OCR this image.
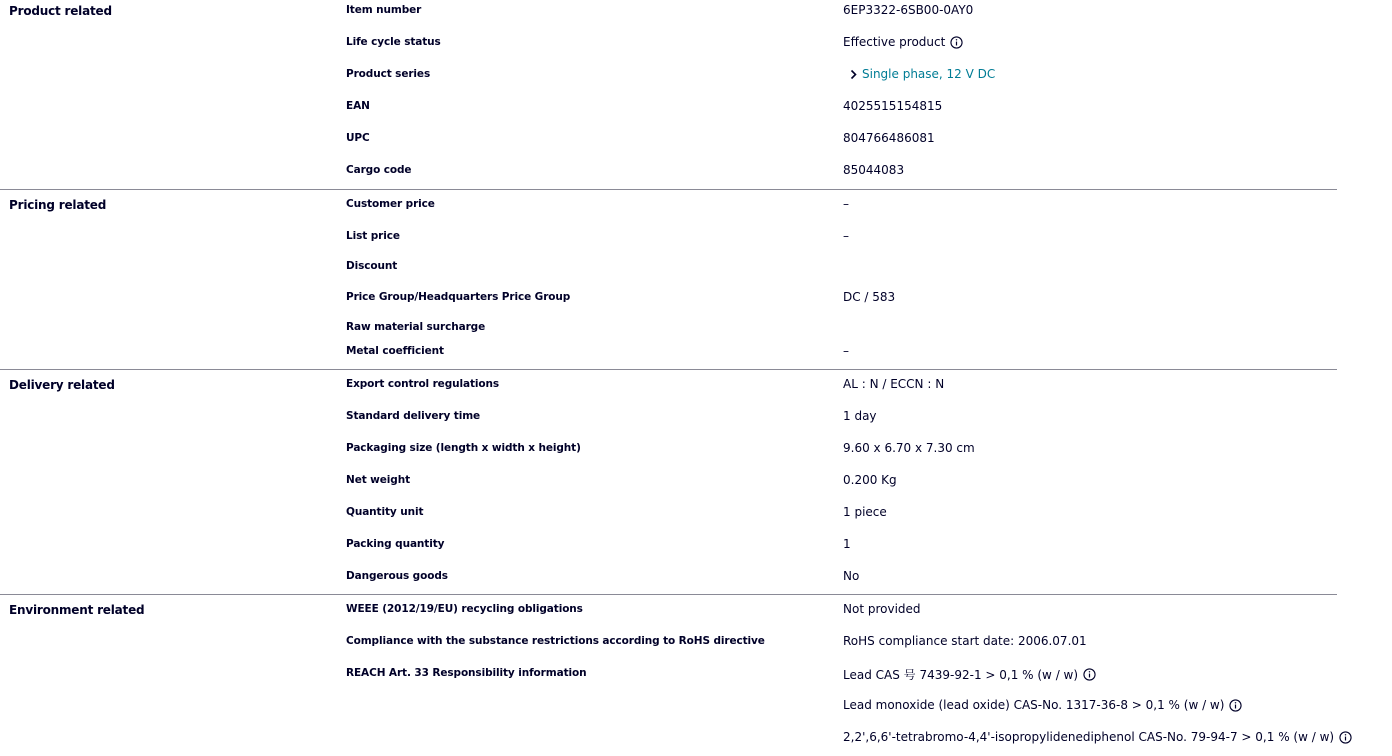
Product related	Item number	6EP3322-6SB00-0AY0
Life cycle status	Effective product
Product series	Single phase, 12 V DC
EAN	4025515154815
UPC	804766486081
Cargo code	85044083
Pricing related	Customer price	–
List price	–
Discount
Price Group/Headquarters Price Group	DC / 583
Raw material surcharge
Metal coefficient	–
Delivery related	Export control regulations	AL : N / ECCN : N
Standard delivery time	1 day
Packaging size (length x width x height)	9.60 x 6.70 x 7.30 cm
Net weight	0.200 Kg
Quantity unit	1 piece
Packing quantity	1
Dangerous goods	No
Environment related	WEEE (2012/19/EU) recycling obligations	Not provided
Compliance with the substance restrictions according to RoHS directive	RoHS compliance start date: 2006.07.01
REACH Art. 33 Responsibility information	Lead CAS 号 7439-92-1 > 0,1 % (w / w)
Lead monoxide (lead oxide) CAS-No. 1317-36-8 > 0,1 % (w / w)
2,2',6,6'-tetrabromo-4,4'-isopropylidenediphenol CAS-No. 79-94-7 > 0,1 % (w / w)
